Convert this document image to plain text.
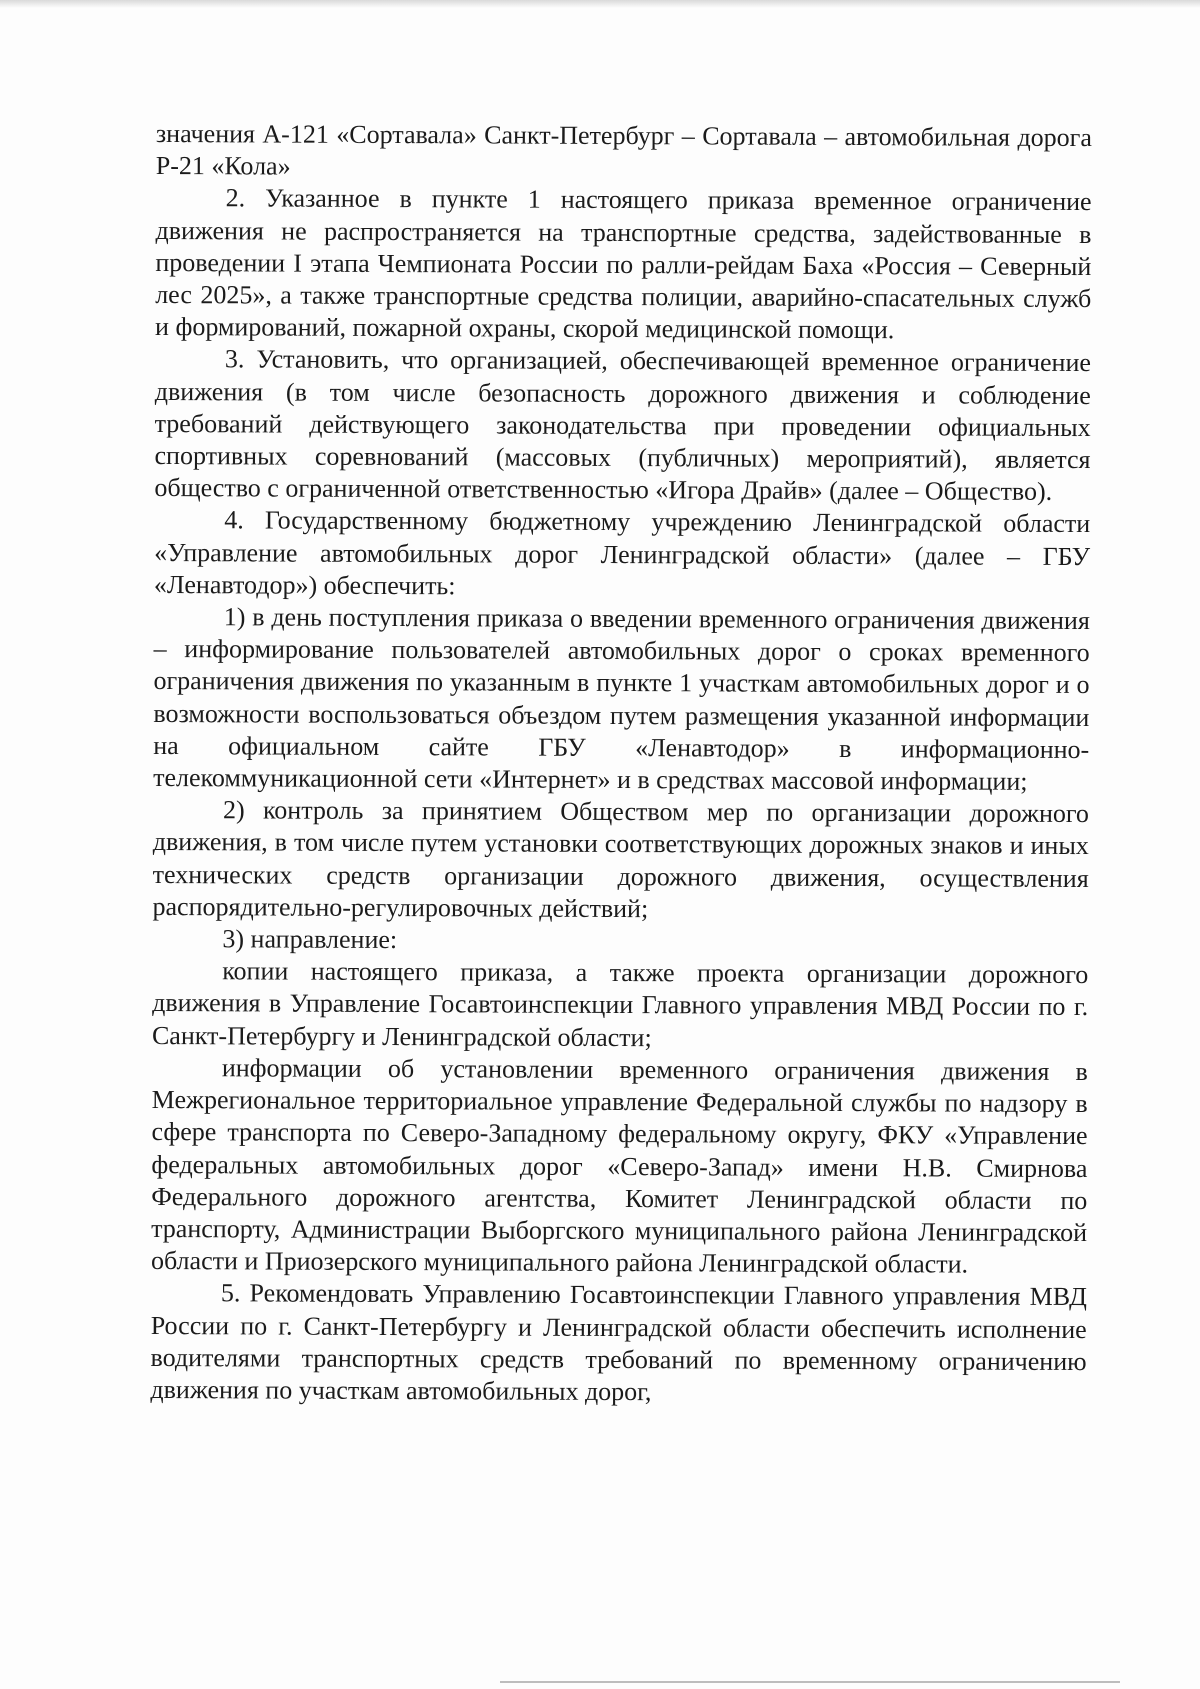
значения А-121 «Сортавала» Санкт-Петербург – Сортавала – автомобильная дорога Р-21 «Кола»

2. Указанное в пункте 1 настоящего приказа временное ограничение движения не распространяется на транспортные средства, задействованные в проведении I этапа Чемпионата России по ралли-рейдам Баха «Россия – Северный лес 2025», а также транспортные средства полиции, аварийно-спасательных служб и формирований, пожарной охраны, скорой медицинской помощи.

3. Установить, что организацией, обеспечивающей временное ограничение движения (в том числе безопасность дорожного движения и соблюдение требований действующего законодательства при проведении официальных спортивных соревнований (массовых (публичных) мероприятий), является общество с ограниченной ответственностью «Игора Драйв» (далее – Общество).

4. Государственному бюджетному учреждению Ленинградской области «Управление автомобильных дорог Ленинградской области» (далее – ГБУ «Ленавтодор») обеспечить:

1) в день поступления приказа о введении временного ограничения движения – информирование пользователей автомобильных дорог о сроках временного ограничения движения по указанным в пункте 1 участкам автомобильных дорог и о возможности воспользоваться объездом путем размещения указанной информации на официальном сайте ГБУ «Ленавтодор» в информационно-телекоммуникационной сети «Интернет» и в средствах массовой информации;

2) контроль за принятием Обществом мер по организации дорожного движения, в том числе путем установки соответствующих дорожных знаков и иных технических средств организации дорожного движения, осуществления распорядительно-регулировочных действий;

3) направление:

копии настоящего приказа, а также проекта организации дорожного движения в Управление Госавтоинспекции Главного управления МВД России по г. Санкт-Петербургу и Ленинградской области;

информации об установлении временного ограничения движения в Межрегиональное территориальное управление Федеральной службы по надзору в сфере транспорта по Северо-Западному федеральному округу, ФКУ «Управление федеральных автомобильных дорог «Северо-Запад» имени Н.В. Смирнова Федерального дорожного агентства, Комитет Ленинградской области по транспорту, Администрации Выборгского муниципального района Ленинградской области и Приозерского муниципального района Ленинградской области.

5. Рекомендовать Управлению Госавтоинспекции Главного управления МВД России по г. Санкт-Петербургу и Ленинградской области обеспечить исполнение водителями транспортных средств требований по временному ограничению движения по участкам автомобильных дорог,
